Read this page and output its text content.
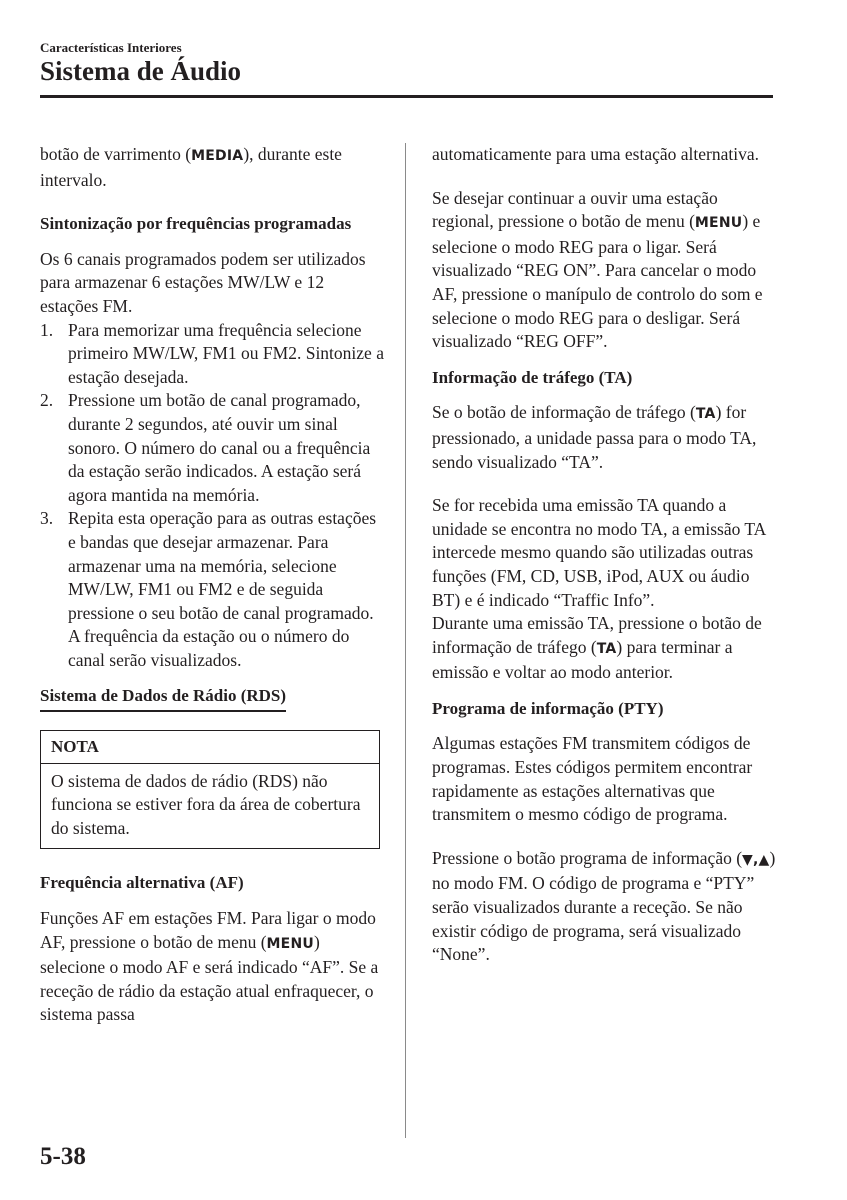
Características Interiores
Sistema de Áudio

botão de varrimento (MEDIA), durante este intervalo.

Sintonização por frequências programadas

Os 6 canais programados podem ser utilizados para armazenar 6 estações MW/LW e 12 estações FM.

1. Para memorizar uma frequência selecione primeiro MW/LW, FM1 ou FM2. Sintonize a estação desejada.
2. Pressione um botão de canal programado, durante 2 segundos, até ouvir um sinal sonoro. O número do canal ou a frequência da estação serão indicados. A estação será agora mantida na memória.
3. Repita esta operação para as outras estações e bandas que desejar armazenar. Para armazenar uma na memória, selecione MW/LW, FM1 ou FM2 e de seguida pressione o seu botão de canal programado. A frequência da estação ou o número do canal serão visualizados.

Sistema de Dados de Rádio (RDS)

NOTA
O sistema de dados de rádio (RDS) não funciona se estiver fora da área de cobertura do sistema.

Frequência alternativa (AF)

Funções AF em estações FM. Para ligar o modo AF, pressione o botão de menu (MENU) selecione o modo AF e será indicado “AF”. Se a receção de rádio da estação atual enfraquecer, o sistema passa

automaticamente para uma estação alternativa.

Se desejar continuar a ouvir uma estação regional, pressione o botão de menu (MENU) e selecione o modo REG para o ligar. Será visualizado “REG ON”. Para cancelar o modo AF, pressione o manípulo de controlo do som e selecione o modo REG para o desligar. Será visualizado “REG OFF”.

Informação de tráfego (TA)

Se o botão de informação de tráfego (TA) for pressionado, a unidade passa para o modo TA, sendo visualizado “TA”.

Se for recebida uma emissão TA quando a unidade se encontra no modo TA, a emissão TA intercede mesmo quando são utilizadas outras funções (FM, CD, USB, iPod, AUX ou áudio BT) e é indicado “Traffic Info”.

Durante uma emissão TA, pressione o botão de informação de tráfego (TA) para terminar a emissão e voltar ao modo anterior.

Programa de informação (PTY)

Algumas estações FM transmitem códigos de programas. Estes códigos permitem encontrar rapidamente as estações alternativas que transmitem o mesmo código de programa.

Pressione o botão programa de informação (▼,▲) no modo FM. O código de programa e “PTY” serão visualizados durante a receção. Se não existir código de programa, será visualizado “None”.

5-38
